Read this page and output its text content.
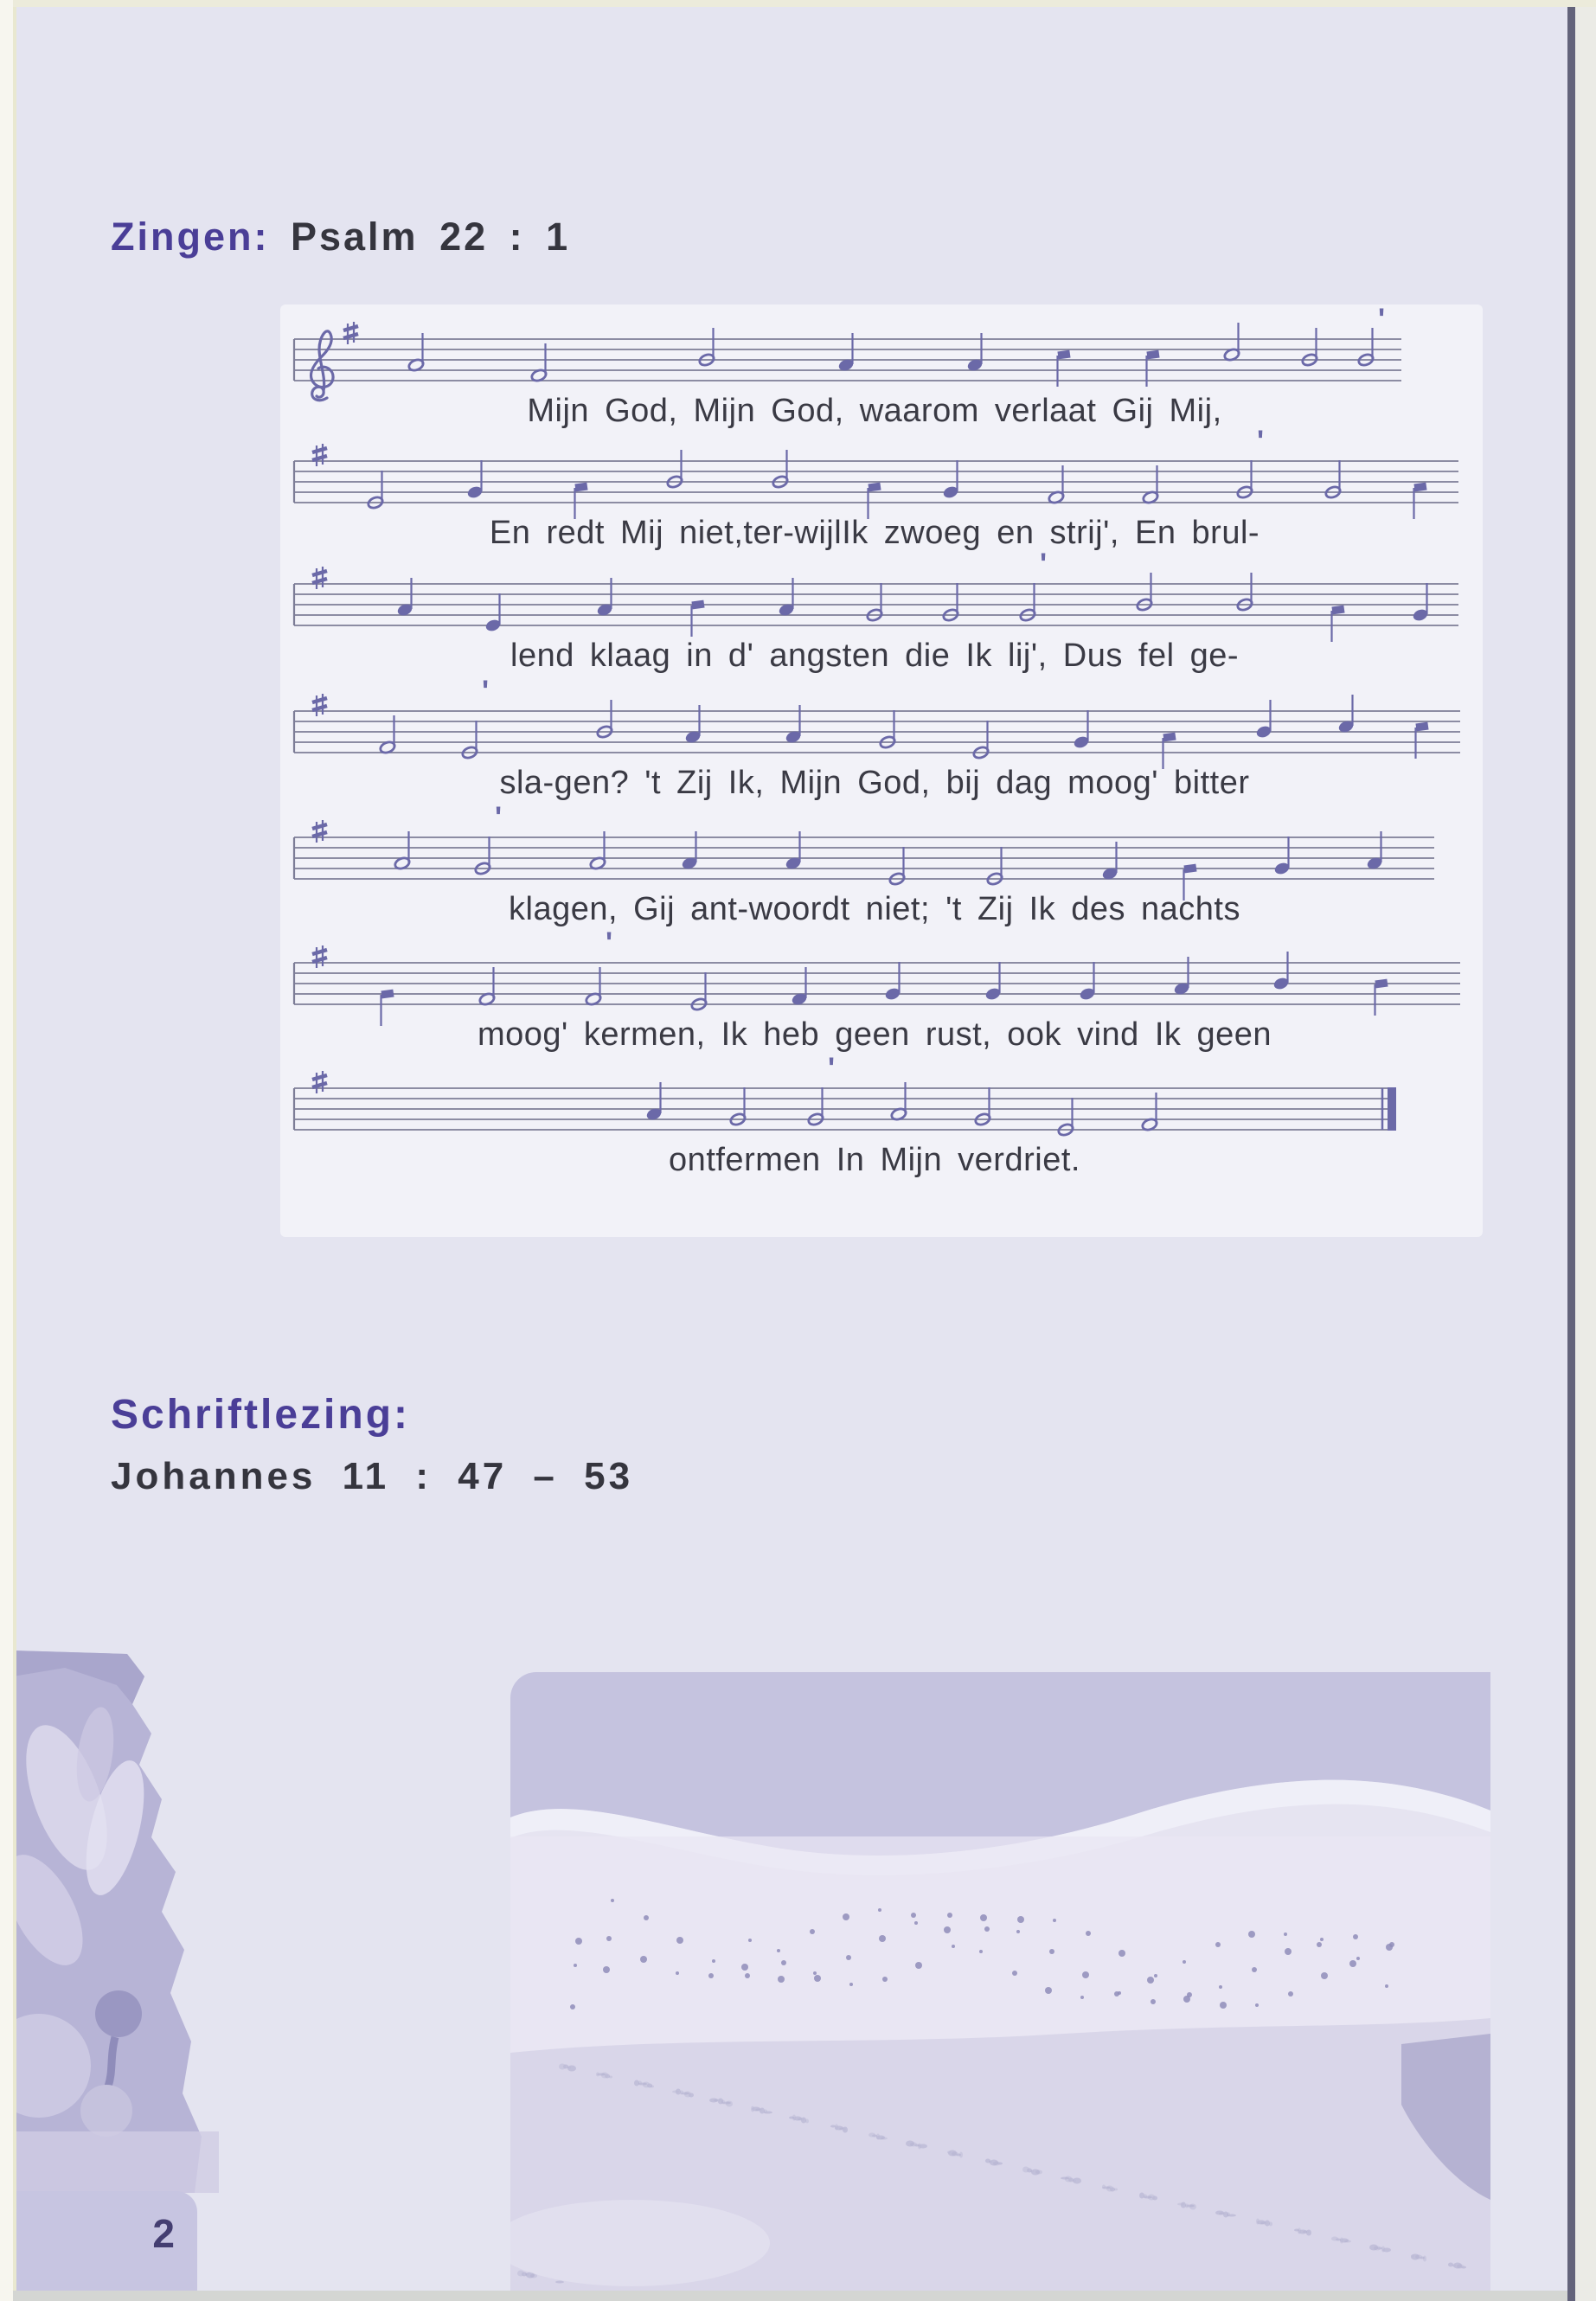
Zingen: Psalm 22 : 1
'
Mijn God, Mijn God, waarom verlaat Gij Mij,
'
En redt Mij niet,ter-wijlIk zwoeg en strij', En brul-
'
lend klaag in d' angsten die Ik lij', Dus fel ge-
'
sla-gen? 't Zij Ik, Mijn God, bij dag moog' bitter
'
klagen, Gij ant-woordt niet; 't Zij Ik des nachts
'
moog' kermen, Ik heb geen rust, ook vind Ik geen
'
ontfermen In Mijn verdriet.
Schriftlezing:
Johannes 11 : 47 – 53
2
